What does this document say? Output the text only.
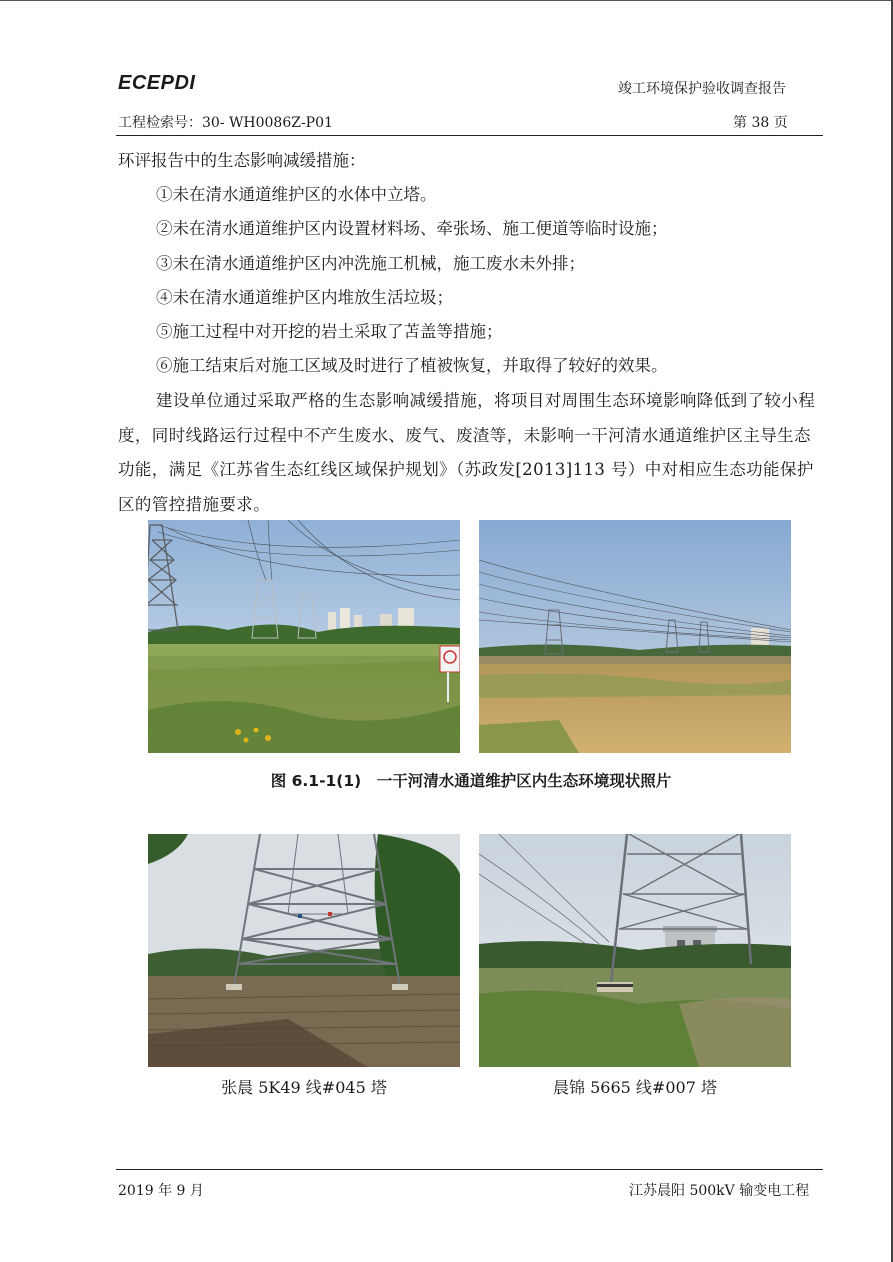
ECEPDI	竣工环境保护验收调查报告
工程检索号：30- WH0086Z-P01	第 38 页
环评报告中的生态影响减缓措施：
①未在清水通道维护区的水体中立塔。
②未在清水通道维护区内设置材料场、牵张场、施工便道等临时设施；
③未在清水通道维护区内冲洗施工机械，施工废水未外排；
④未在清水通道维护区内堆放生活垃圾；
⑤施工过程中对开挖的岩土采取了苫盖等措施；
⑥施工结束后对施工区域及时进行了植被恢复，并取得了较好的效果。
建设单位通过采取严格的生态影响减缓措施，将项目对周围生态环境影响降低到了较小程度，同时线路运行过程中不产生废水、废气、废渣等，未影响一干河清水通道维护区主导生态功能，满足《江苏省生态红线区域保护规划》（苏政发[2013]113 号）中对相应生态功能保护区的管控措施要求。
图 6.1-1(1)　一干河清水通道维护区内生态环境现状照片
张晨 5K49 线#045 塔	晨锦 5665 线#007 塔
2019 年 9 月	江苏晨阳 500kV 输变电工程
